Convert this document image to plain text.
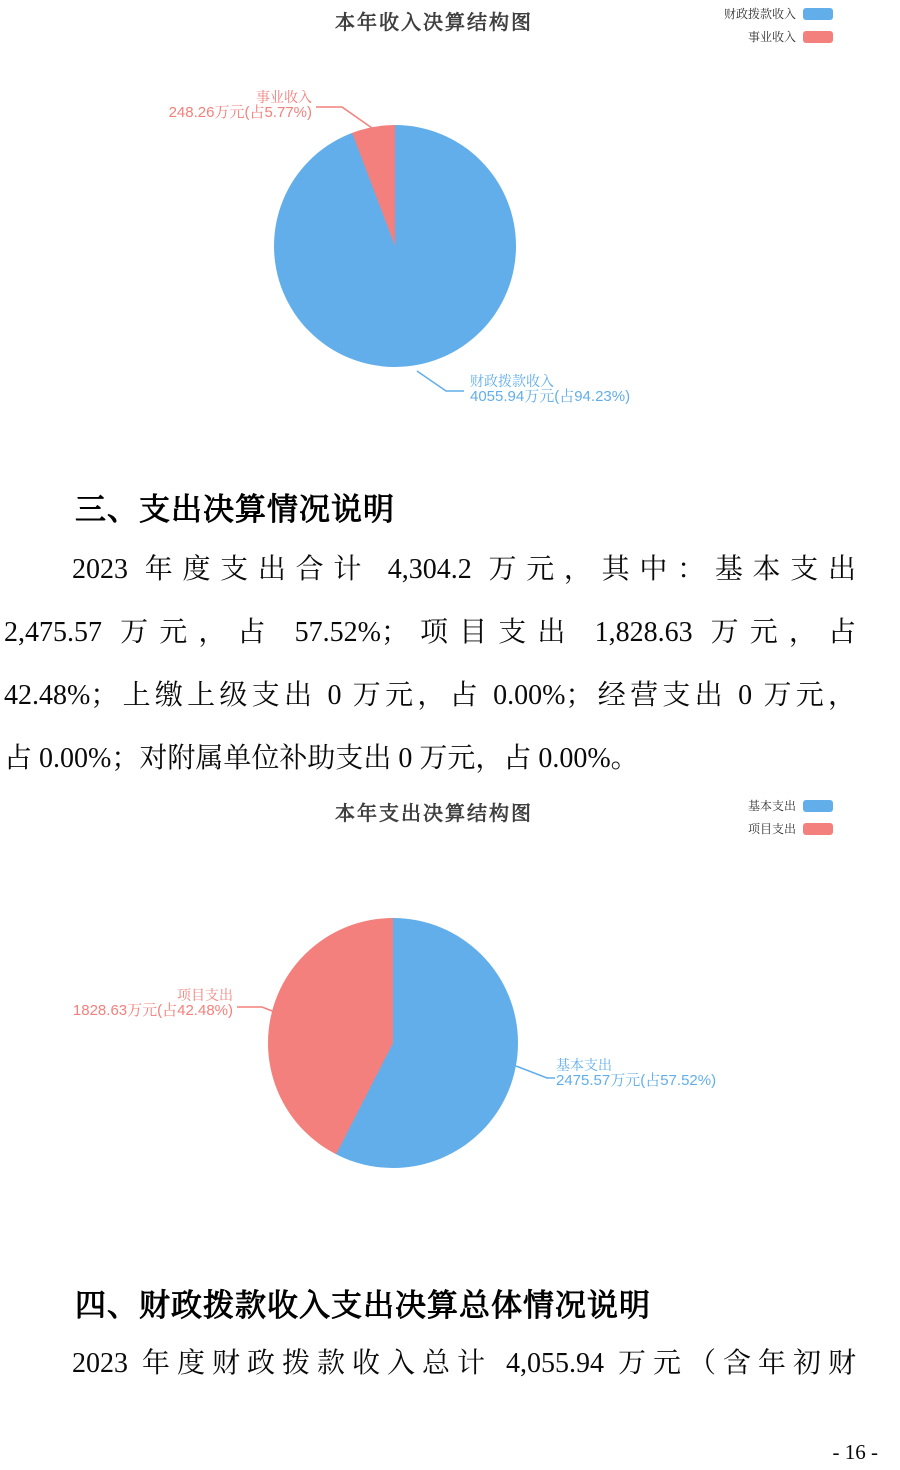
本年收入决算结构图	财政拨款收入
事业收入
事业收入
248.26万元(占5.77%)
财政拨款收入
4055.94万元(占94.23%)
三、支出决算情况说明
2023 年度支出合计 4,304.2 万元，其中：基本支出
2,475.57 万元，占 57.52%；项目支出 1,828.63 万元，占
42.48%；上缴上级支出 0 万元，占 0.00%；经营支出 0 万元，
占 0.00%；对附属单位补助支出 0 万元，占 0.00%。
本年支出决算结构图	基本支出
项目支出
项目支出
1828.63万元(占42.48%)
基本支出
2475.57万元(占57.52%)
四、财政拨款收入支出决算总体情况说明
2023 年度财政拨款收入总计 4,055.94 万元（含年初财
- 16 -
